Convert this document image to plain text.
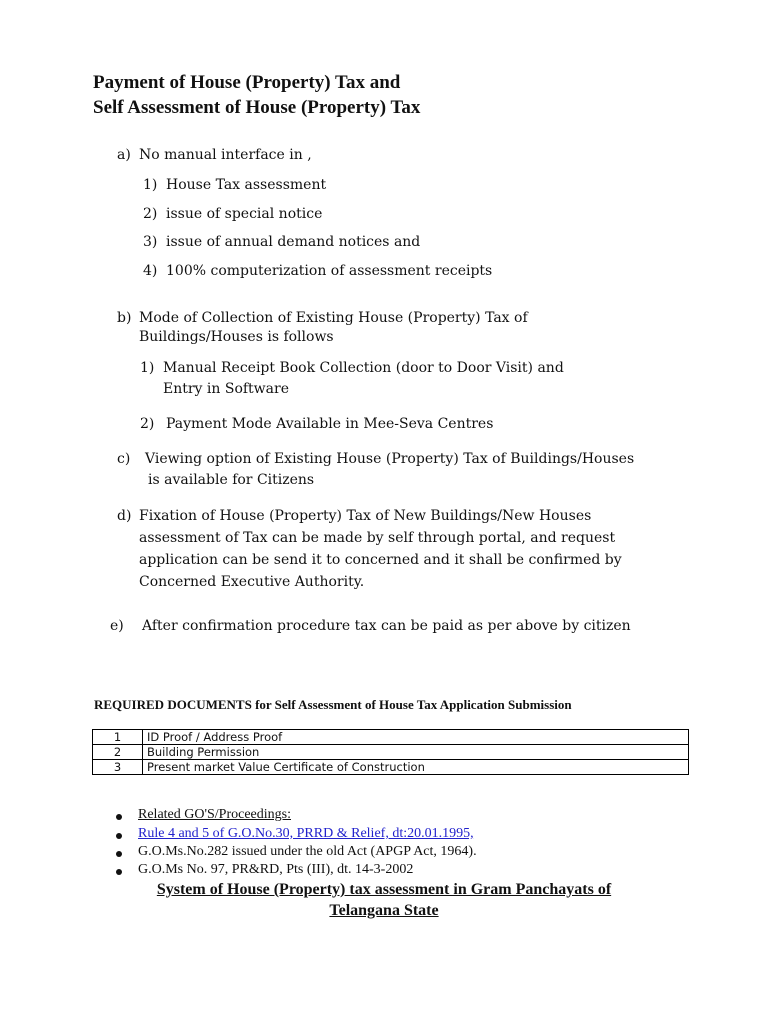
Payment of House (Property) Tax and
Self Assessment of House (Property) Tax
a) No manual interface in ,
1) House Tax assessment
2) issue of special notice
3) issue of annual demand notices and
4) 100% computerization of assessment receipts
b) Mode of Collection of Existing House (Property) Tax of
Buildings/Houses is follows
1) Manual Receipt Book Collection (door to Door Visit) and
Entry in Software
2) Payment Mode Available in Mee-Seva Centres
c) Viewing option of Existing House (Property) Tax of Buildings/Houses
is available for Citizens
d) Fixation of House (Property) Tax of New Buildings/New Houses
assessment of Tax can be made by self through portal, and request
application can be send it to concerned and it shall be confirmed by
Concerned Executive Authority.
e) After confirmation procedure tax can be paid as per above by citizen
REQUIRED DOCUMENTS for Self Assessment of House Tax Application Submission
1	ID Proof / Address Proof
2	Building Permission
3	Present market Value Certificate of Construction
Related GO'S/Proceedings:
Rule 4 and 5 of G.O.No.30, PRRD & Relief, dt:20.01.1995,
G.O.Ms.No.282 issued under the old Act (APGP Act, 1964).
G.O.Ms No. 97, PR&RD, Pts (III), dt. 14-3-2002
System of House (Property) tax assessment in Gram Panchayats of
Telangana State
